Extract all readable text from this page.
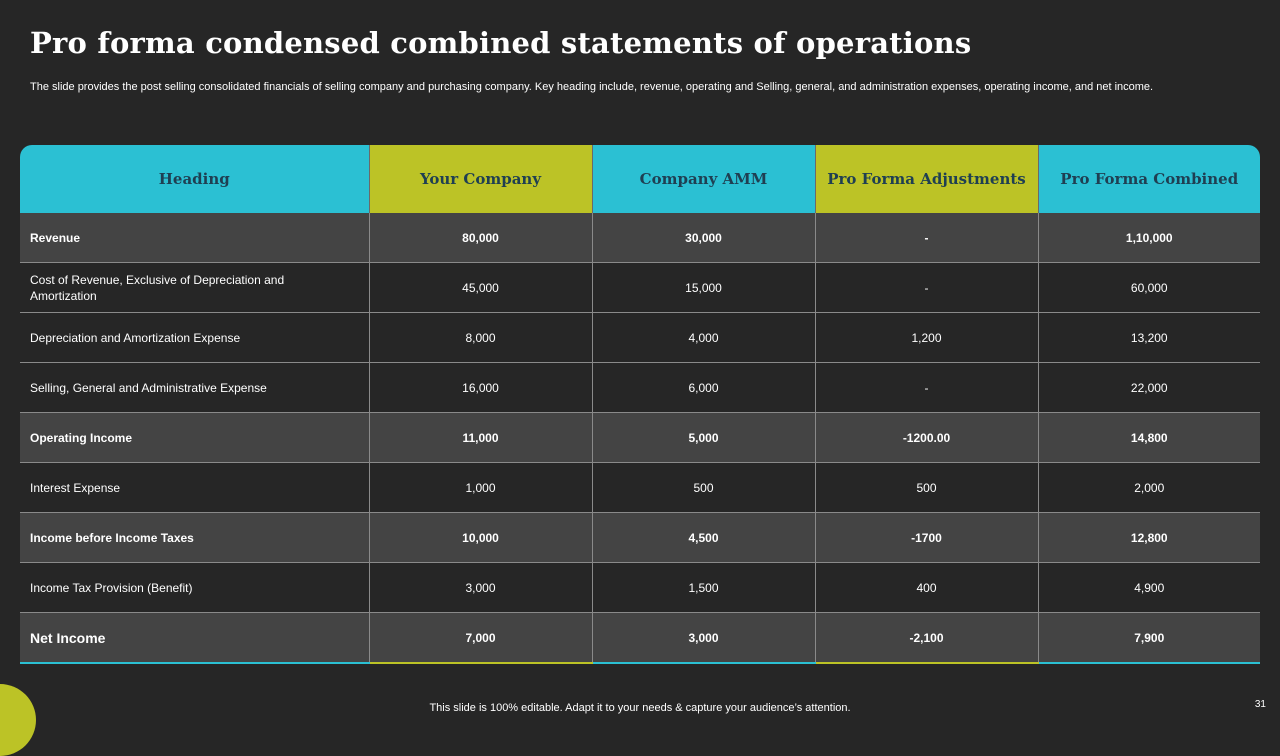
Pro forma condensed combined statements of operations
The slide provides the post selling consolidated financials of selling company and purchasing company. Key heading include, revenue, operating and Selling, general, and administration expenses, operating income, and net income.
Heading	Your Company	Company AMM	Pro Forma Adjustments	Pro Forma Combined
Revenue	80,000	30,000	-	1,10,000
Cost of Revenue, Exclusive of Depreciation and Amortization	45,000	15,000	-	60,000
Depreciation and Amortization Expense	8,000	4,000	1,200	13,200
Selling, General and Administrative Expense	16,000	6,000	-	22,000
Operating Income	11,000	5,000	-1200.00	14,800
Interest Expense	1,000	500	500	2,000
Income before Income Taxes	10,000	4,500	-1700	12,800
Income Tax Provision (Benefit)	3,000	1,500	400	4,900
Net Income	7,000	3,000	-2,100	7,900
This slide is 100% editable. Adapt it to your needs & capture your audience’s attention.	31
